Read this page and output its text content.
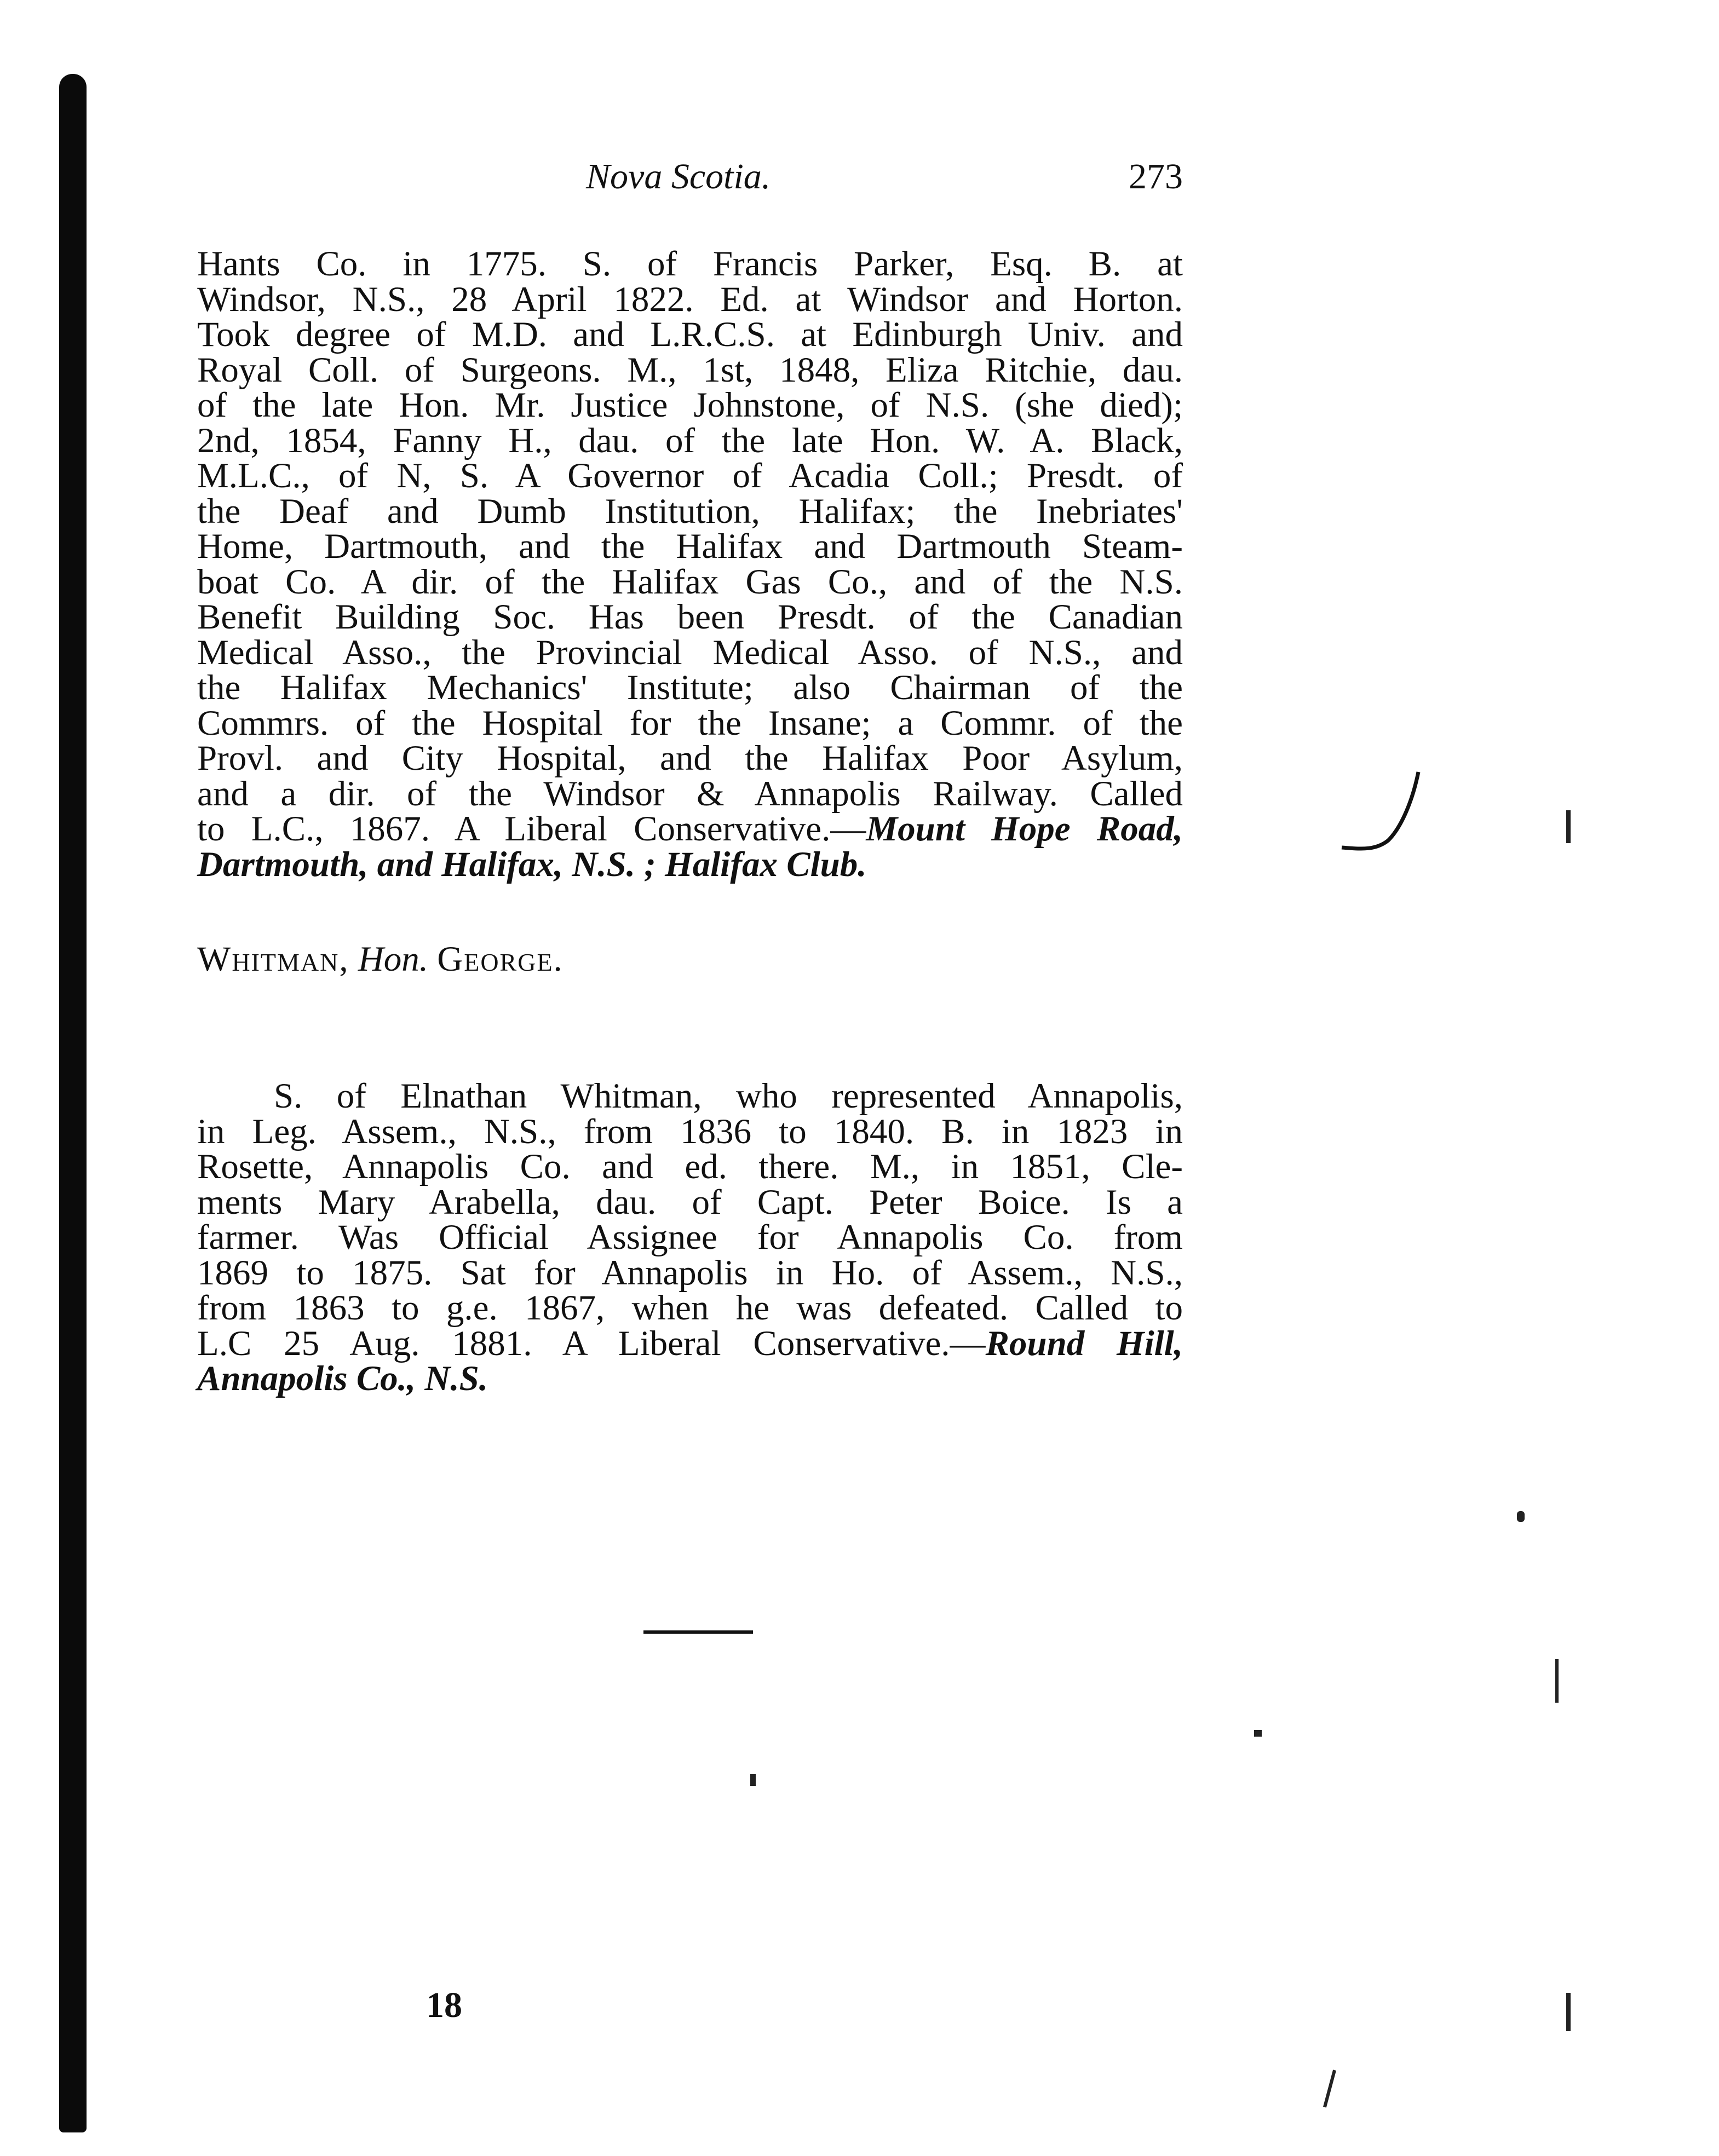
Nova Scotia.	273
Hants Co. in 1775. S. of Francis Parker, Esq. B. at
Windsor, N.S., 28 April 1822. Ed. at Windsor and Horton.
Took degree of M.D. and L.R.C.S. at Edinburgh Univ. and
Royal Coll. of Surgeons. M., 1st, 1848, Eliza Ritchie, dau.
of the late Hon. Mr. Justice Johnstone, of N.S. (she died);
2nd, 1854, Fanny H., dau. of the late Hon. W. A. Black,
M.L.C., of N, S. A Governor of Acadia Coll.; Presdt. of
the Deaf and Dumb Institution, Halifax; the Inebriates'
Home, Dartmouth, and the Halifax and Dartmouth Steam-
boat Co. A dir. of the Halifax Gas Co., and of the N.S.
Benefit Building Soc. Has been Presdt. of the Canadian
Medical Asso., the Provincial Medical Asso. of N.S., and
the Halifax Mechanics' Institute; also Chairman of the
Commrs. of the Hospital for the Insane; a Commr. of the
Provl. and City Hospital, and the Halifax Poor Asylum,
and a dir. of the Windsor & Annapolis Railway. Called
to L.C., 1867. A Liberal Conservative.—Mount Hope Road,
Dartmouth, and Halifax, N.S. ; Halifax Club.

Whitman, Hon. George.

S. of Elnathan Whitman, who represented Annapolis,
in Leg. Assem., N.S., from 1836 to 1840. B. in 1823 in
Rosette, Annapolis Co. and ed. there. M., in 1851, Cle-
ments Mary Arabella, dau. of Capt. Peter Boice. Is a
farmer. Was Official Assignee for Annapolis Co. from
1869 to 1875. Sat for Annapolis in Ho. of Assem., N.S.,
from 1863 to g.e. 1867, when he was defeated. Called to
L.C 25 Aug. 1881. A Liberal Conservative.—Round Hill,
Annapolis Co., N.S.
18
